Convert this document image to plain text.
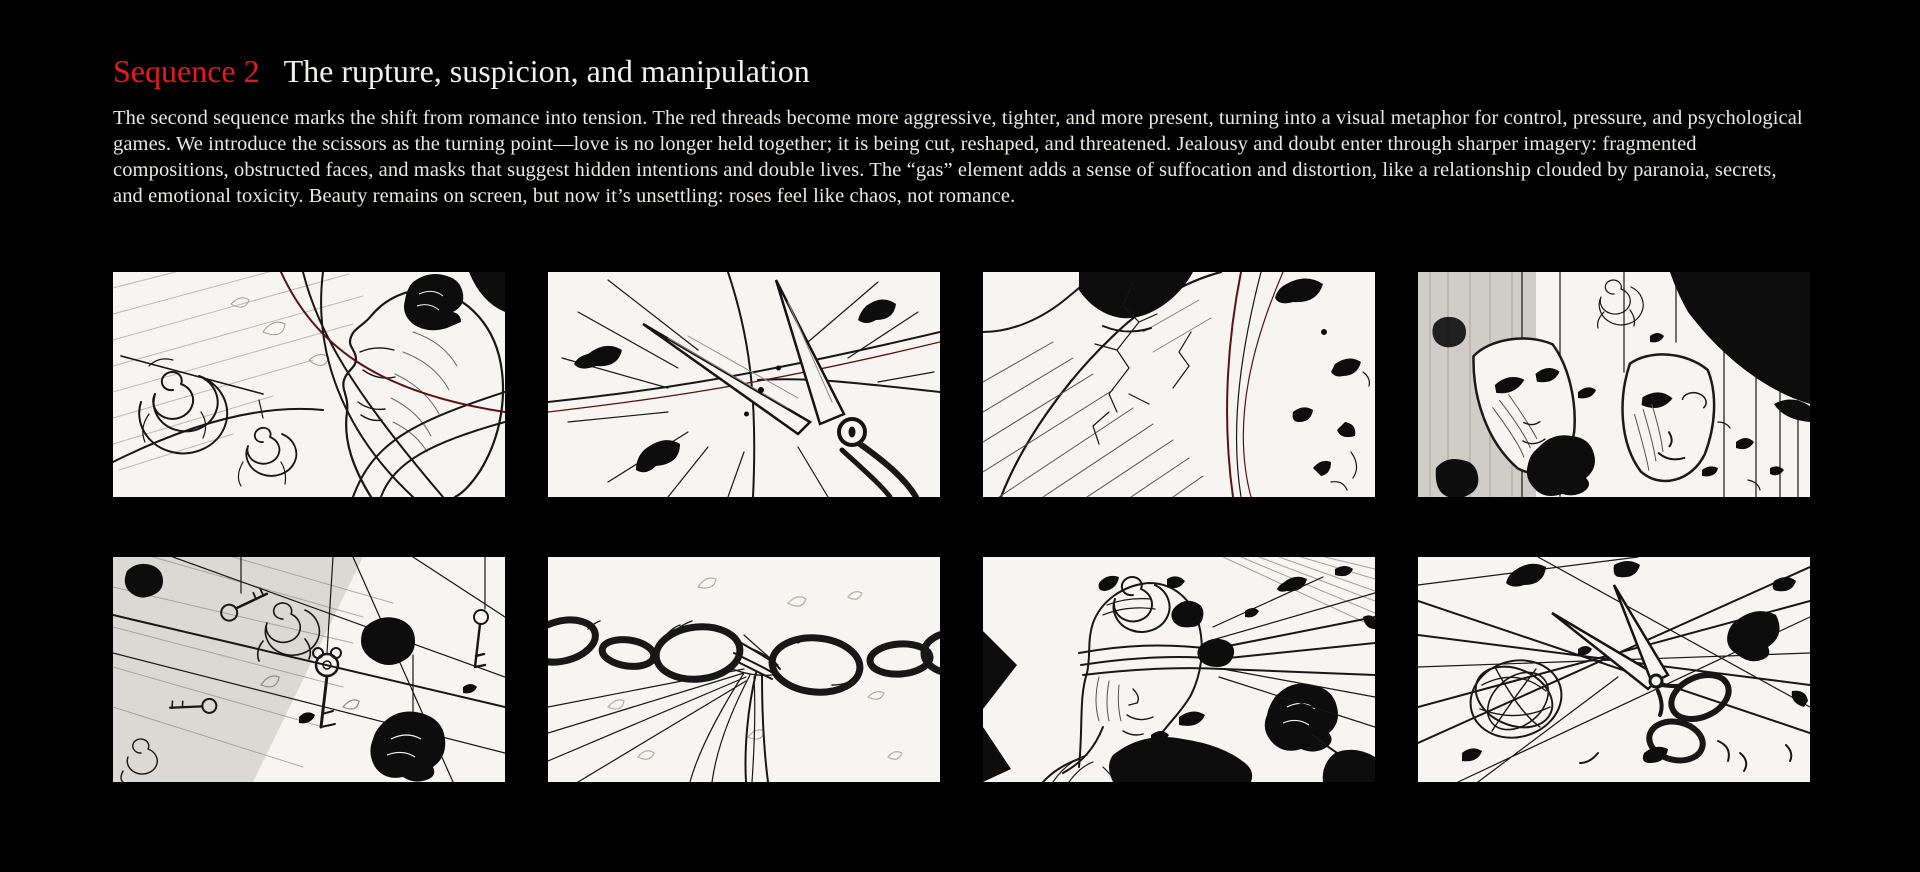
Sequence 2 The rupture, suspicion, and manipulation

The second sequence marks the shift from romance into tension. The red threads become more aggressive, tighter, and more present, turning into a visual metaphor for control, pressure, and psychological games. We introduce the scissors as the turning point—love is no longer held together; it is being cut, reshaped, and threatened. Jealousy and doubt enter through sharper imagery: fragmented compositions, obstructed faces, and masks that suggest hidden intentions and double lives. The “gas” element adds a sense of suffocation and distortion, like a relationship clouded by paranoia, secrets, and emotional toxicity. Beauty remains on screen, but now it’s unsettling: roses feel like chaos, not romance.
